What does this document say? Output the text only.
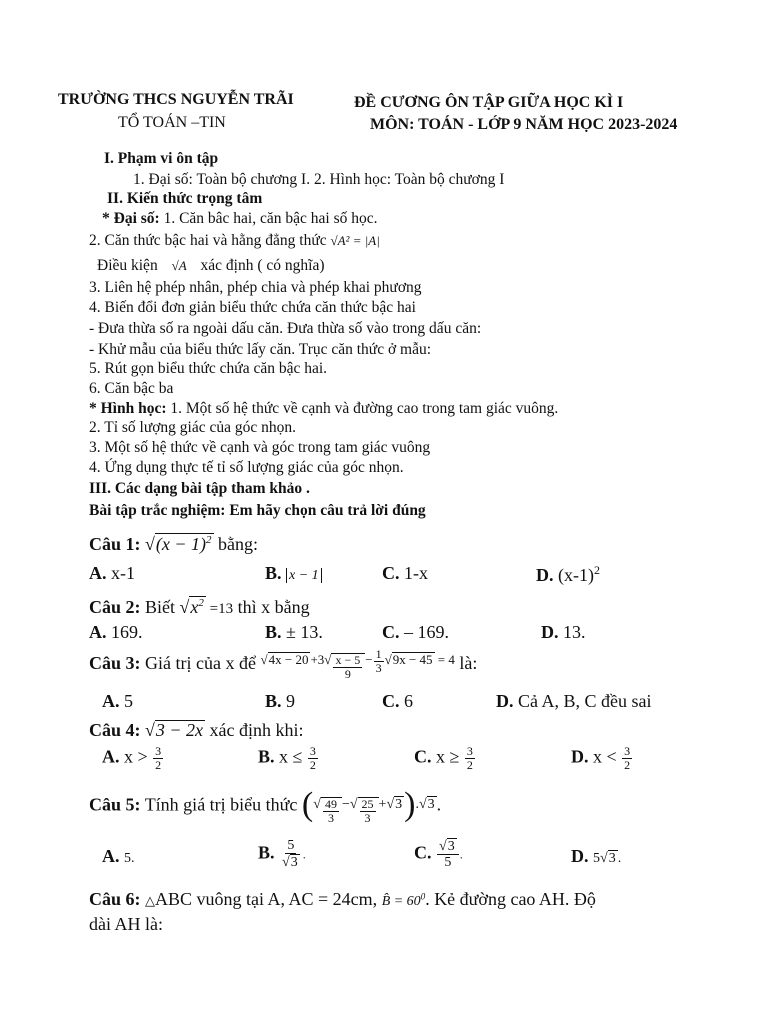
TRƯỜNG THCS NGUYỄN TRÃI
TỔ TOÁN –TIN
ĐỀ CƯƠNG ÔN TẬP GIỮA HỌC KÌ I
MÔN: TOÁN - LỚP 9 NĂM HỌC 2023-2024
I. Phạm vi ôn tập
1. Đại số: Toàn bộ chương I. 2. Hình học: Toàn bộ chương I
II. Kiến thức trọng tâm
* Đại số: 1. Căn bâc hai, căn bậc hai số học.
2. Căn thức bậc hai và hằng đẳng thức √A² = |A|
Điều kiện √A xác định ( có nghĩa)
3. Liên hệ phép nhân, phép chia và phép khai phương
4. Biến đổi đơn giản biểu thức chứa căn thức bậc hai
- Đưa thừa số ra ngoài dấu căn. Đưa thừa số vào trong dấu căn:
- Khử mẫu của biểu thức lấy căn. Trục căn thức ở mẫu:
5. Rút gọn biểu thức chứa căn bậc hai.
6. Căn bậc ba
* Hình học: 1. Một số hệ thức về cạnh và đường cao trong tam giác vuông.
2. Tỉ số lượng giác của góc nhọn.
3. Một số hệ thức về cạnh và góc trong tam giác vuông
4. Ứng dụng thực tế tỉ số lượng giác của góc nhọn.
III. Các dạng bài tập tham khảo .
Bài tập trắc nghiệm: Em hãy chọn câu trả lời đúng
Câu 1: $√(x - 1)^2$ bằng:
A. x-1	B. x − 1	C. 1-x	D. $(x-1)^2$
Câu 2: Biết $√x^2 =13$ thì x bằng
A. 169.	B. ± 13.	C. – 169.	D. 13.
Câu 3: Giá trị của x để $√4x - 20 +3√ \frac{x - 5}{9} - \frac{1}{3} √9x - 45 = 4$ là:
A. 5	B. 9	C. 6	D. Cả A, B, C đều sai
Câu 4: √3 − 2x xác định khi:
A. $x > \frac{3}{2}$	B. $x \le \frac{3}{2}$	C. $x \ge \frac{3}{2}$	D. $x < \frac{3}{2}$
Câu 5: Tính giá trị biểu thức (√ $\frac{49}{3}$ −√ $\frac{25}{3} +√3).√3$ .
A. 5.	B. $\frac{5}{√3}$ .	C. $\frac{√3}{5}$ .	D. 5√3 .
Câu 6: △ABC vuông tại A, AC = 24cm, B̂ = $60^0$. Kẻ đường cao AH. Độ
dài AH là:
